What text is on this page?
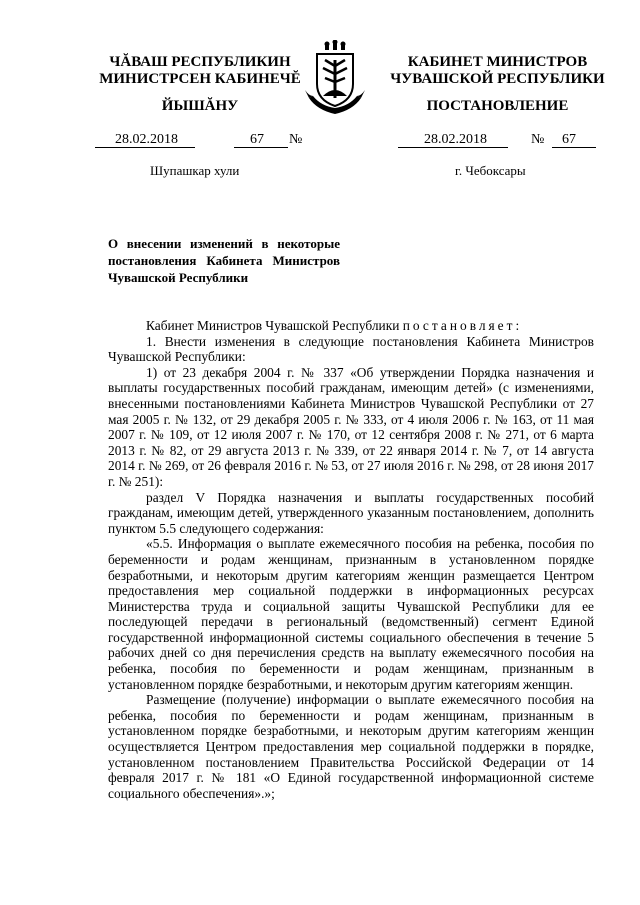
ЧĂВАШ РЕСПУБЛИКИН
МИНИСТРСЕН КАБИНЕЧĔ
ЙЫШĂНУ
КАБИНЕТ МИНИСТРОВ
ЧУВАШСКОЙ РЕСПУБЛИКИ
ПОСТАНОВЛЕНИЕ
28.02.2018	67 №	28.02.2018	№ 67
Шупашкар хули	г. Чебоксары
О внесении изменений в некоторые постановления Кабинета Министров Чувашской Республики

Кабинет Министров Чувашской Республики постановляет:

1. Внести изменения в следующие постановления Кабинета Министров Чувашской Республики:

1) от 23 декабря 2004 г. № 337 «Об утверждении Порядка назначения и выплаты государственных пособий гражданам, имеющим детей» (с изменениями, внесенными постановлениями Кабинета Министров Чувашской Республики от 27 мая 2005 г. № 132, от 29 декабря 2005 г. № 333, от 4 июля 2006 г. № 163, от 11 мая 2007 г. № 109, от 12 июля 2007 г. № 170, от 12 сентября 2008 г. № 271, от 6 марта 2013 г. № 82, от 29 августа 2013 г. № 339, от 22 января 2014 г. № 7, от 14 августа 2014 г. № 269, от 26 февраля 2016 г. № 53, от 27 июля 2016 г. № 298, от 28 июня 2017 г. № 251):

раздел V Порядка назначения и выплаты государственных пособий гражданам, имеющим детей, утвержденного указанным постановлением, дополнить пунктом 5.5 следующего содержания:

«5.5. Информация о выплате ежемесячного пособия на ребенка, пособия по беременности и родам женщинам, признанным в установленном порядке безработными, и некоторым другим категориям женщин размещается Центром предоставления мер социальной поддержки в информационных ресурсах Министерства труда и социальной защиты Чувашской Республики для ее последующей передачи в региональный (ведомственный) сегмент Единой государственной информационной системы социального обеспечения в течение 5 рабочих дней со дня перечисления средств на выплату ежемесячного пособия на ребенка, пособия по беременности и родам женщинам, признанным в установленном порядке безработными, и некоторым другим категориям женщин.

Размещение (получение) информации о выплате ежемесячного пособия на ребенка, пособия по беременности и родам женщинам, признанным в установленном порядке безработными, и некоторым другим категориям женщин осуществляется Центром предоставления мер социальной поддержки в порядке, установленном постановлением Правительства Российской Федерации от 14 февраля 2017 г. № 181 «О Единой государственной информационной системе социального обеспечения».»;
